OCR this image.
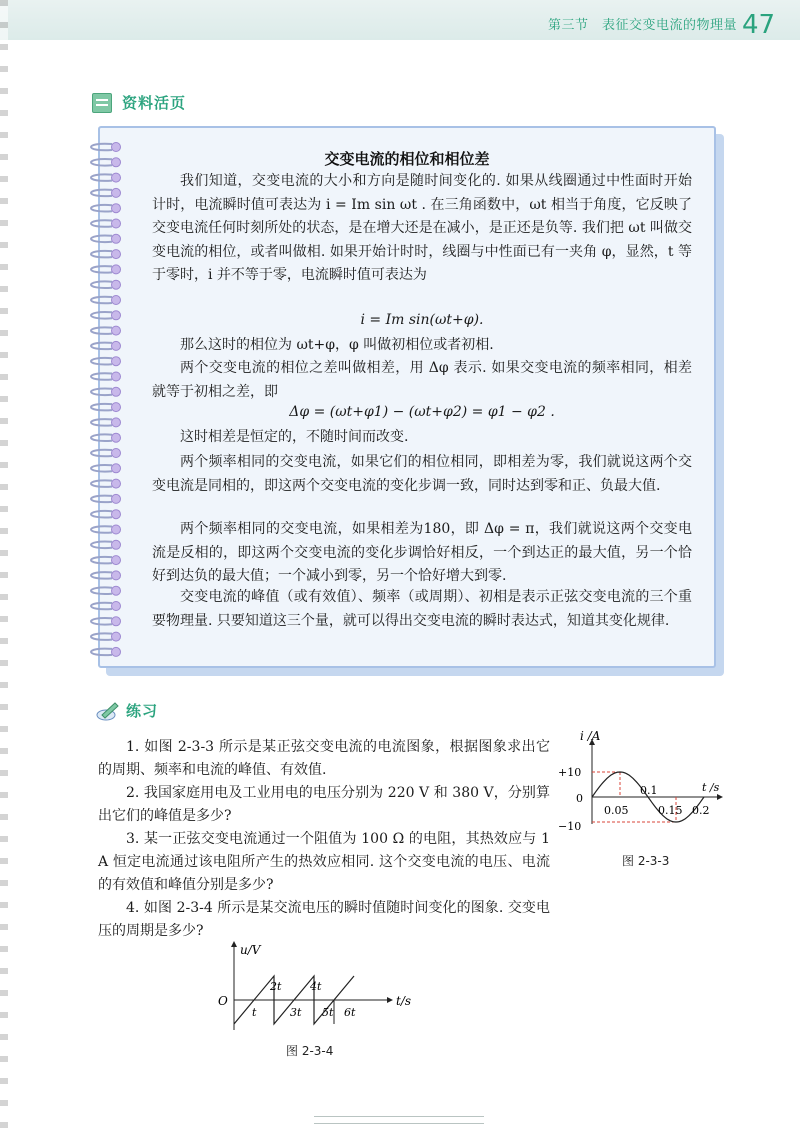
第三节　表征交变电流的物理量 47
资料活页
交变电流的相位和相位差

我们知道，交变电流的大小和方向是随时间变化的. 如果从线圈通过中性面时开始计时，电流瞬时值可表达为 i = Im sin ωt . 在三角函数中，ωt 相当于角度，它反映了交变电流任何时刻所处的状态，是在增大还是在减小，是正还是负等. 我们把 ωt 叫做交变电流的相位，或者叫做相. 如果开始计时时，线圈与中性面已有一夹角 φ，显然，t 等于零时，i 并不等于零，电流瞬时值可表达为

i = Im sin(ωt+φ).

那么这时的相位为 ωt+φ，φ 叫做初相位或者初相.

两个交变电流的相位之差叫做相差，用 Δφ 表示. 如果交变电流的频率相同，相差就等于初相之差，即

Δφ = (ωt+φ1) − (ωt+φ2) = φ1 − φ2 .

这时相差是恒定的，不随时间而改变.

两个频率相同的交变电流，如果它们的相位相同，即相差为零，我们就说这两个交变电流是同相的，即这两个交变电流的变化步调一致，同时达到零和正、负最大值.

两个频率相同的交变电流，如果相差为180，即 Δφ = π，我们就说这两个交变电流是反相的，即这两个交变电流的变化步调恰好相反，一个到达正的最大值，另一个恰好到达负的最大值；一个减小到零，另一个恰好增大到零.

交变电流的峰值（或有效值）、频率（或周期）、初相是表示正弦交变电流的三个重要物理量. 只要知道这三个量，就可以得出交变电流的瞬时表达式，知道其变化规律.

练习

1. 如图 2-3-3 所示是某正弦交变电流的电流图象，根据图象求出它的周期、频率和电流的峰值、有效值.

2. 我国家庭用电及工业用电的电压分别为 220 V 和 380 V，分别算出它们的峰值是多少?

3. 某一正弦交变电流通过一个阻值为 100 Ω 的电阻，其热效应与 1 A 恒定电流通过该电阻所产生的热效应相同. 这个交变电流的电压、电流的有效值和峰值分别是多少?

4. 如图 2-3-4 所示是某交流电压的瞬时值随时间变化的图象. 交变电压的周期是多少?

i /A
t /s
+10
0
−10
0.05
0.1
0.15 0.2
图 2-3-3
u/V
t/s
O
t
2t
3t
4t
5t 6t
图 2-3-4
